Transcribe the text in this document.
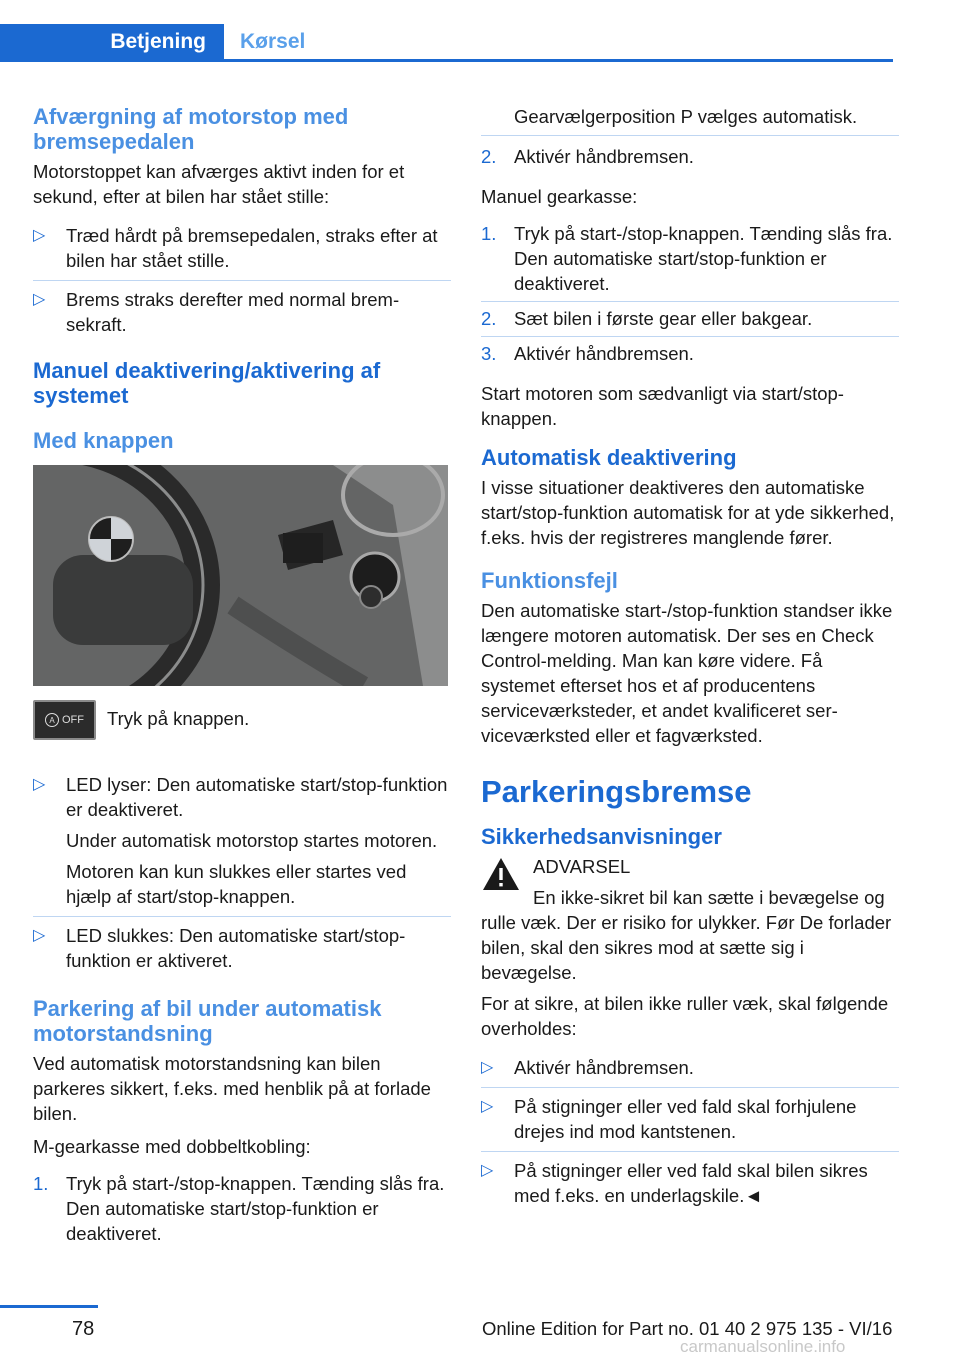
Betjening Kørsel
Afværgning af motorstop med bremsepedalen

Motorstoppet kan afværges aktivt inden for et sekund, efter at bilen har stået stille:

▷ Træd hårdt på bremsepedalen, straks efter at bilen har stået stille.
▷ Brems straks derefter med normal bremsekraft.
Manuel deaktivering/aktivering af systemet
Med knappen
A OFF Tryk på knappen.
▷ LED lyser: Den automatiske start/stop-funktion er deaktiveret.
Under automatisk motorstop startes motoren.
Motoren kan kun slukkes eller startes ved hjælp af start/stop-knappen.
▷ LED slukkes: Den automatiske start/stop-funktion er aktiveret.
Parkering af bil under automatisk motorstandsning

Ved automatisk motorstandsning kan bilen parkeres sikkert, f.eks. med henblik på at forlade bilen.

M-gearkasse med dobbeltkobling:

1. Tryk på start-/stop-knappen. Tænding slås fra. Den automatiske start/stop-funktion er deaktiveret.

Gearvælgerposition P vælges automatisk.

2. Aktivér håndbremsen.

Manuel gearkasse:

1. Tryk på start-/stop-knappen. Tænding slås fra. Den automatiske start/stop-funktion er deaktiveret.
2. Sæt bilen i første gear eller bakgear.
3. Aktivér håndbremsen.

Start motoren som sædvanligt via start/stop-knappen.

Automatisk deaktivering

I visse situationer deaktiveres den automatiske start/stop-funktion automatisk for at yde sikkerhed, f.eks. hvis der registreres manglende fører.

Funktionsfejl

Den automatiske start-/stop-funktion standser ikke længere motoren automatisk. Der ses en Check Control-melding. Man kan køre videre. Få systemet efterset hos et af producentens serviceværksteder, et andet kvalificeret serviceværksted eller et fagværksted.

Parkeringsbremse
Sikkerhedsanvisninger
ADVARSEL
En ikke-sikret bil kan sætte i bevægelse og rulle væk. Der er risiko for ulykker. Før De forlader bilen, skal den sikres mod at sætte sig i bevægelse.

For at sikre, at bilen ikke ruller væk, skal følgende overholdes:

▷ Aktivér håndbremsen.
▷ På stigninger eller ved fald skal forhjulene drejes ind mod kantstenen.
▷ På stigninger eller ved fald skal bilen sikres med f.eks. en underlagskile.◄
78	Online Edition for Part no. 01 40 2 975 135 - VI/16
carmanualsonline.info
